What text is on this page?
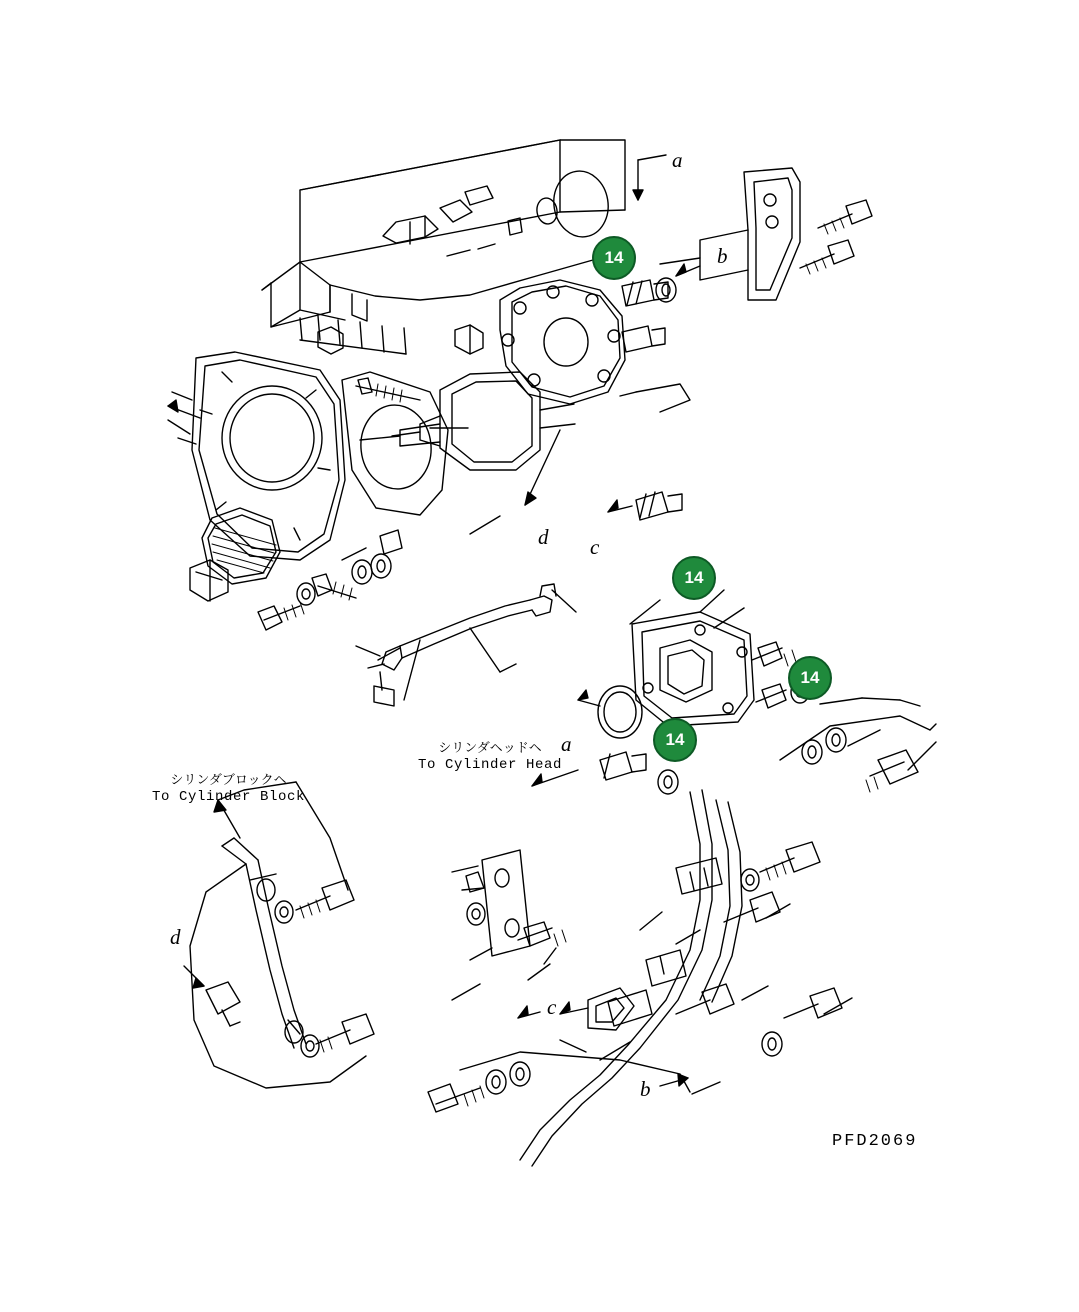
14
14
14
14
a
b
d c
a
d
c
b
シリンダヘッドヘ
To Cylinder Head
シリンダブロックヘ
To Cylinder Block
PFD2069
